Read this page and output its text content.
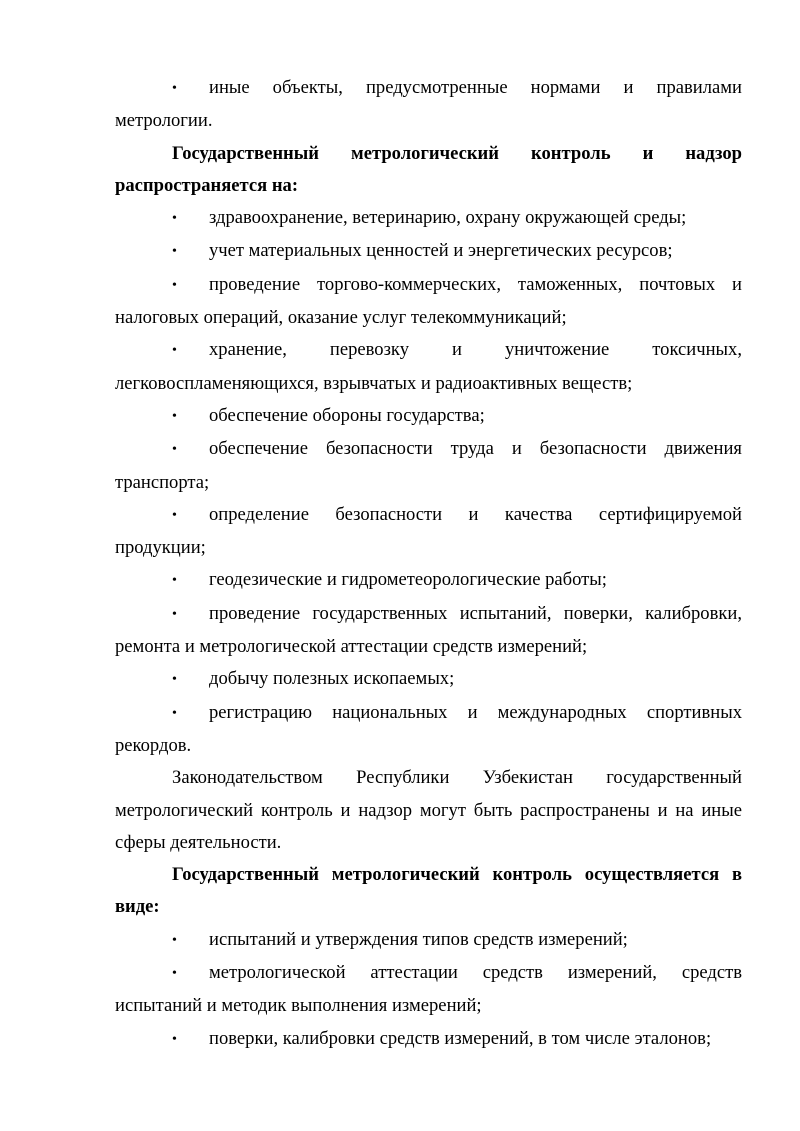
• иные объекты, предусмотренные нормами и правилами метрологии.

Государственный метрологический контроль и надзор распространяется на:

• здравоохранение, ветеринарию, охрану окружающей среды;

• учет материальных ценностей и энергетических ресурсов;

• проведение торгово-коммерческих, таможенных, почтовых и налоговых операций, оказание услуг телекоммуникаций;

• хранение, перевозку и уничтожение токсичных, легковоспламеняющихся, взрывчатых и радиоактивных веществ;

• обеспечение обороны государства;

• обеспечение безопасности труда и безопасности движения транспорта;

• определение безопасности и качества сертифицируемой продукции;

• геодезические и гидрометеорологические работы;

• проведение государственных испытаний, поверки, калибровки, ремонта и метрологической аттестации средств измерений;

• добычу полезных ископаемых;

• регистрацию национальных и международных спортивных рекордов.

Законодательством Республики Узбекистан государственный метрологический контроль и надзор могут быть распространены и на иные сферы деятельности.

Государственный метрологический контроль осуществляется в виде:

• испытаний и утверждения типов средств измерений;

• метрологической аттестации средств измерений, средств испытаний и методик выполнения измерений;

• поверки, калибровки средств измерений, в том числе эталонов;
